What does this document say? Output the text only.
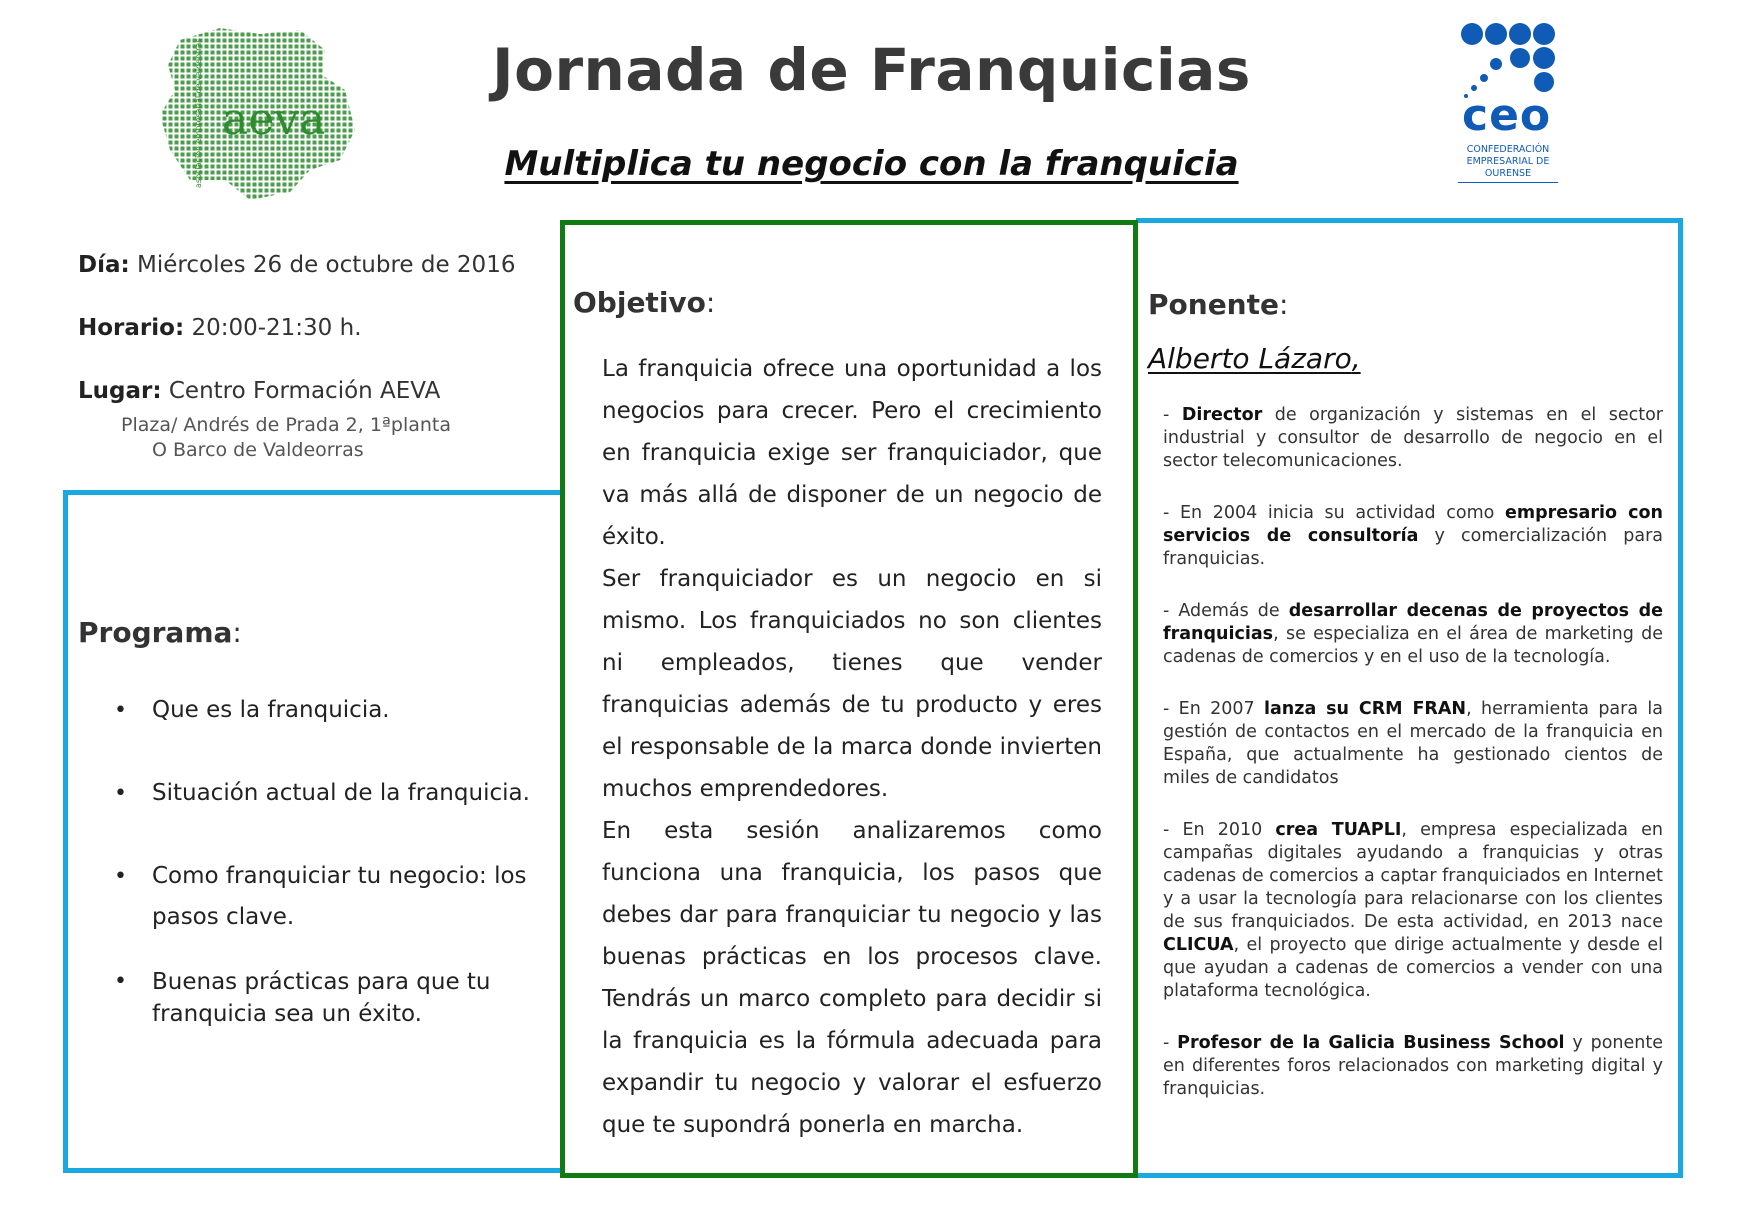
Jornada de Franquicias
Multiplica tu negocio con la franquicia
aeva
asociación empresarial de valdeorras	ceo
CONFEDERACIÓN
EMPRESARIAL DE
OURENSE
Día: Miércoles 26 de octubre de 2016
Horario: 20:00-21:30 h.
Lugar: Centro Formación AEVA
Plaza/ Andrés de Prada 2, 1ªplanta
O Barco de Valdeorras
Programa:
• Que es la franquicia.
• Situación actual de la franquicia.
• Como franquiciar tu negocio: los pasos clave.
• Buenas prácticas para que tu franquicia sea un éxito.
Objetivo:

La franquicia ofrece una oportunidad a los negocios para crecer. Pero el crecimiento en franquicia exige ser franquiciador, que va más allá de disponer de un negocio de éxito.

Ser franquiciador es un negocio en si mismo. Los franquiciados no son clientes ni empleados, tienes que vender franquicias además de tu producto y eres el responsable de la marca donde invierten muchos emprendedores.

En esta sesión analizaremos como funciona una franquicia, los pasos que debes dar para franquiciar tu negocio y las buenas prácticas en los procesos clave. Tendrás un marco completo para decidir si la franquicia es la fórmula adecuada para expandir tu negocio y valorar el esfuerzo que te supondrá ponerla en marcha.

Ponente:
Alberto Lázaro,

- Director de organización y sistemas en el sector industrial y consultor de desarrollo de negocio en el sector telecomunicaciones.

- En 2004 inicia su actividad como empresario con servicios de consultoría y comercialización para franquicias.

- Además de desarrollar decenas de proyectos de franquicias, se especializa en el área de marketing de cadenas de comercios y en el uso de la tecnología.

- En 2007 lanza su CRM FRAN, herramienta para la gestión de contactos en el mercado de la franquicia en España, que actualmente ha gestionado cientos de miles de candidatos

- En 2010 crea TUAPLI, empresa especializada en campañas digitales ayudando a franquicias y otras cadenas de comercios a captar franquiciados en Internet y a usar la tecnología para relacionarse con los clientes de sus franquiciados. De esta actividad, en 2013 nace CLICUA, el proyecto que dirige actualmente y desde el que ayudan a cadenas de comercios a vender con una plataforma tecnológica.

- Profesor de la Galicia Business School y ponente en diferentes foros relacionados con marketing digital y franquicias.
